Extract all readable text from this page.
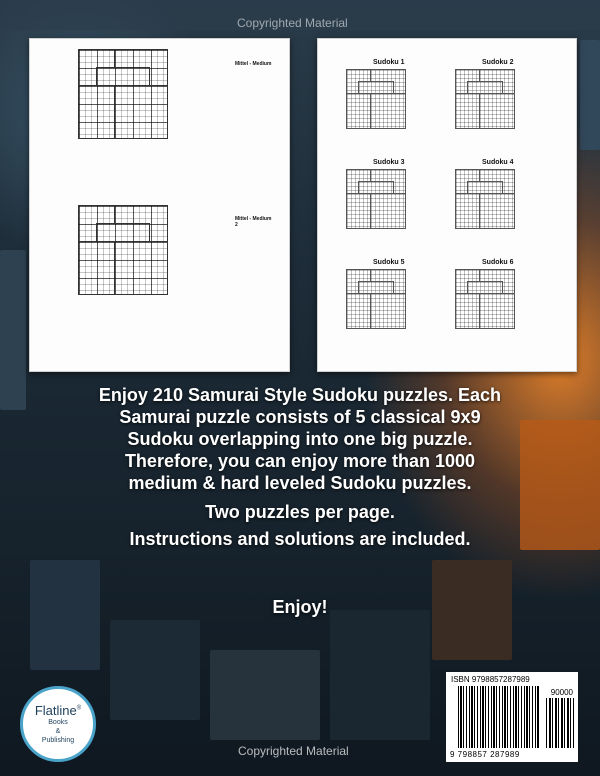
Copyrighted Material
Mittel - Medium
Mittel - Medium
2
Sudoku 1	Sudoku 2
Sudoku 3	Sudoku 4
Sudoku 5	Sudoku 6
Enjoy 210 Samurai Style Sudoku puzzles. Each
Samurai puzzle consists of 5 classical 9x9
Sudoku overlapping into one big puzzle.
Therefore, you can enjoy more than 1000
medium & hard leveled Sudoku puzzles.
Two puzzles per page.
Instructions and solutions are included.
Enjoy!
Flatline®
Books
&
Publishing
ISBN 9798857287989
90000
9 798857 287989
Copyrighted Material
